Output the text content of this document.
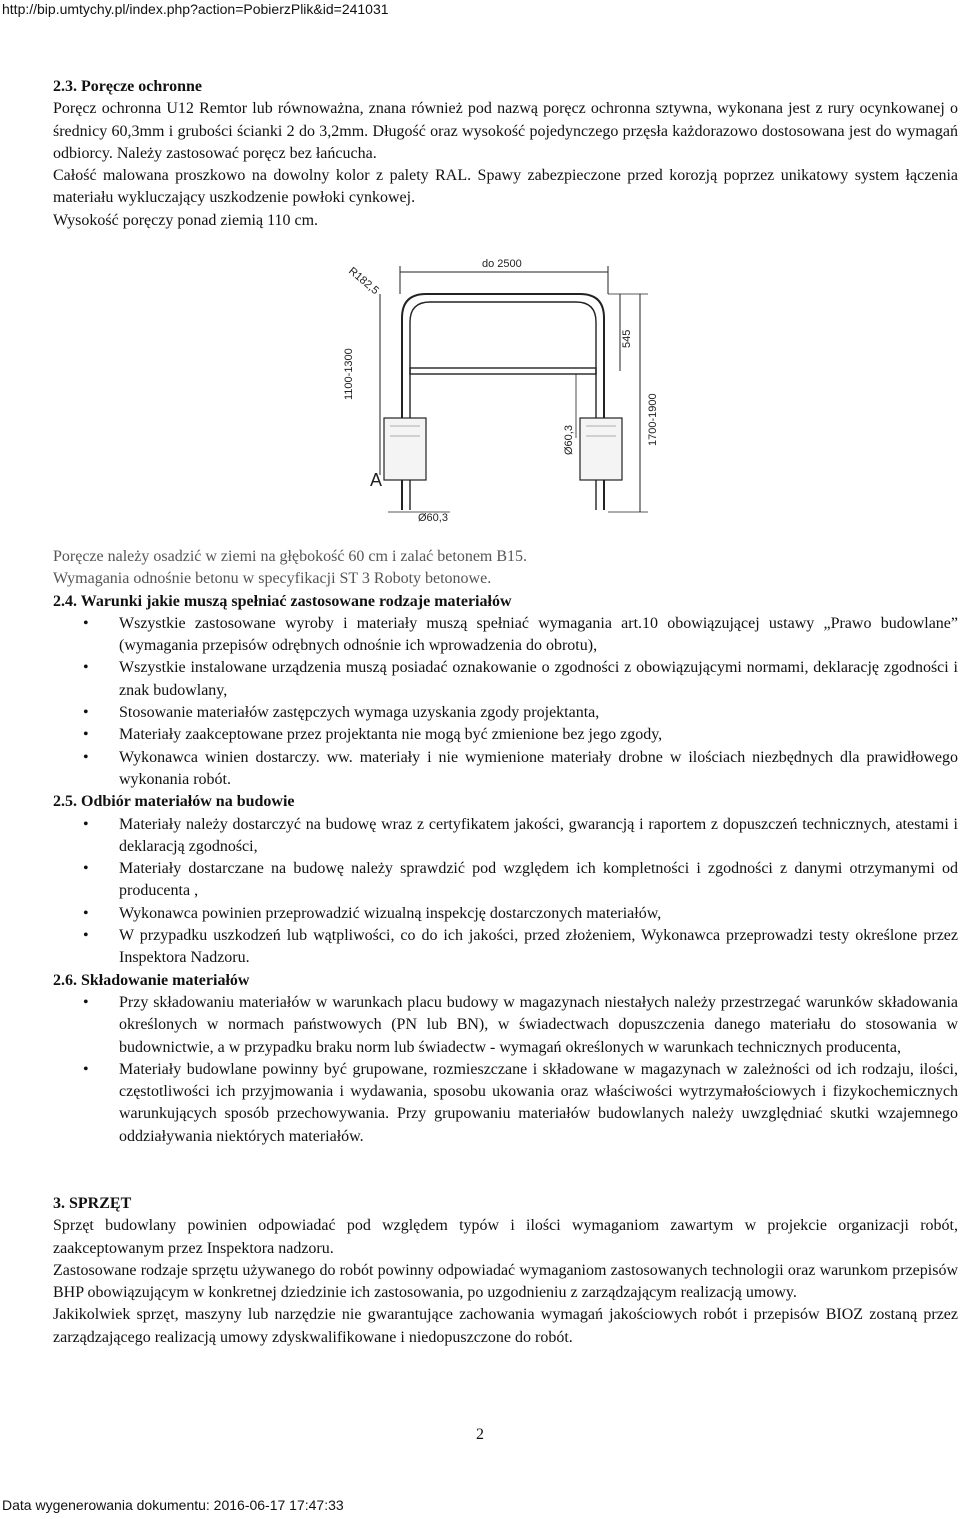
http://bip.umtychy.pl/index.php?action=PobierzPlik&id=241031

2.3. Poręcze ochronne

Poręcz ochronna U12 Remtor lub równoważna, znana również pod nazwą poręcz ochronna sztywna, wykonana jest z rury ocynkowanej o średnicy 60,3mm i grubości ścianki 2 do 3,2mm. Długość oraz wysokość pojedynczego przęsła każdorazowo dostosowana jest do wymagań odbiorcy. Należy zastosować poręcz bez łańcucha.

Całość malowana proszkowo na dowolny kolor z palety RAL. Spawy zabezpieczone przed korozją poprzez unikatowy system łączenia materiału wykluczający uszkodzenie powłoki cynkowej.

Wysokość poręczy ponad ziemią 110 cm.

do 2500
R182,5
1100-1300
545
1700-1900
Ø60,3
A
Ø60,3

Poręcze należy osadzić w ziemi na głębokość 60 cm i zalać betonem B15.

Wymagania odnośnie betonu w specyfikacji ST 3 Roboty betonowe.

2.4. Warunki jakie muszą spełniać zastosowane rodzaje materiałów

• Wszystkie zastosowane wyroby i materiały muszą spełniać wymagania art.10 obowiązującej ustawy „Prawo budowlane” (wymagania przepisów odrębnych odnośnie ich wprowadzenia do obrotu),
• Wszystkie instalowane urządzenia muszą posiadać oznakowanie o zgodności z obowiązującymi normami, deklarację zgodności i znak budowlany,
• Stosowanie materiałów zastępczych wymaga uzyskania zgody projektanta,
• Materiały zaakceptowane przez projektanta nie mogą być zmienione bez jego zgody,
• Wykonawca winien dostarczy. ww. materiały i nie wymienione materiały drobne w ilościach niezbędnych dla prawidłowego wykonania robót.

2.5. Odbiór materiałów na budowie

• Materiały należy dostarczyć na budowę wraz z certyfikatem jakości, gwarancją i raportem z dopuszczeń technicznych, atestami i deklaracją zgodności,
• Materiały dostarczane na budowę należy sprawdzić pod względem ich kompletności i zgodności z danymi otrzymanymi od producenta ,
• Wykonawca powinien przeprowadzić wizualną inspekcję dostarczonych materiałów,
• W przypadku uszkodzeń lub wątpliwości, co do ich jakości, przed złożeniem, Wykonawca przeprowadzi testy określone przez Inspektora Nadzoru.

2.6. Składowanie materiałów

• Przy składowaniu materiałów w warunkach placu budowy w magazynach niestałych należy przestrzegać warunków składowania określonych w normach państwowych (PN lub BN), w świadectwach dopuszczenia danego materiału do stosowania w budownictwie, a w przypadku braku norm lub świadectw - wymagań określonych w warunkach technicznych producenta,
• Materiały budowlane powinny być grupowane, rozmieszczane i składowane w magazynach w zależności od ich rodzaju, ilości, częstotliwości ich przyjmowania i wydawania, sposobu ukowania oraz właściwości wytrzymałościowych i fizykochemicznych warunkujących sposób przechowywania. Przy grupowaniu materiałów budowlanych należy uwzględniać skutki wzajemnego oddziaływania niektórych materiałów.

3. SPRZĘT

Sprzęt budowlany powinien odpowiadać pod względem typów i ilości wymaganiom zawartym w projekcie organizacji robót, zaakceptowanym przez Inspektora nadzoru.

Zastosowane rodzaje sprzętu używanego do robót powinny odpowiadać wymaganiom zastosowanych technologii oraz warunkom przepisów BHP obowiązującym w konkretnej dziedzinie ich zastosowania, po uzgodnieniu z zarządzającym realizacją umowy.

Jakikolwiek sprzęt, maszyny lub narzędzie nie gwarantujące zachowania wymagań jakościowych robót i przepisów BIOZ zostaną przez zarządzającego realizacją umowy zdyskwalifikowane i niedopuszczone do robót.

2
Data wygenerowania dokumentu: 2016-06-17 17:47:33
